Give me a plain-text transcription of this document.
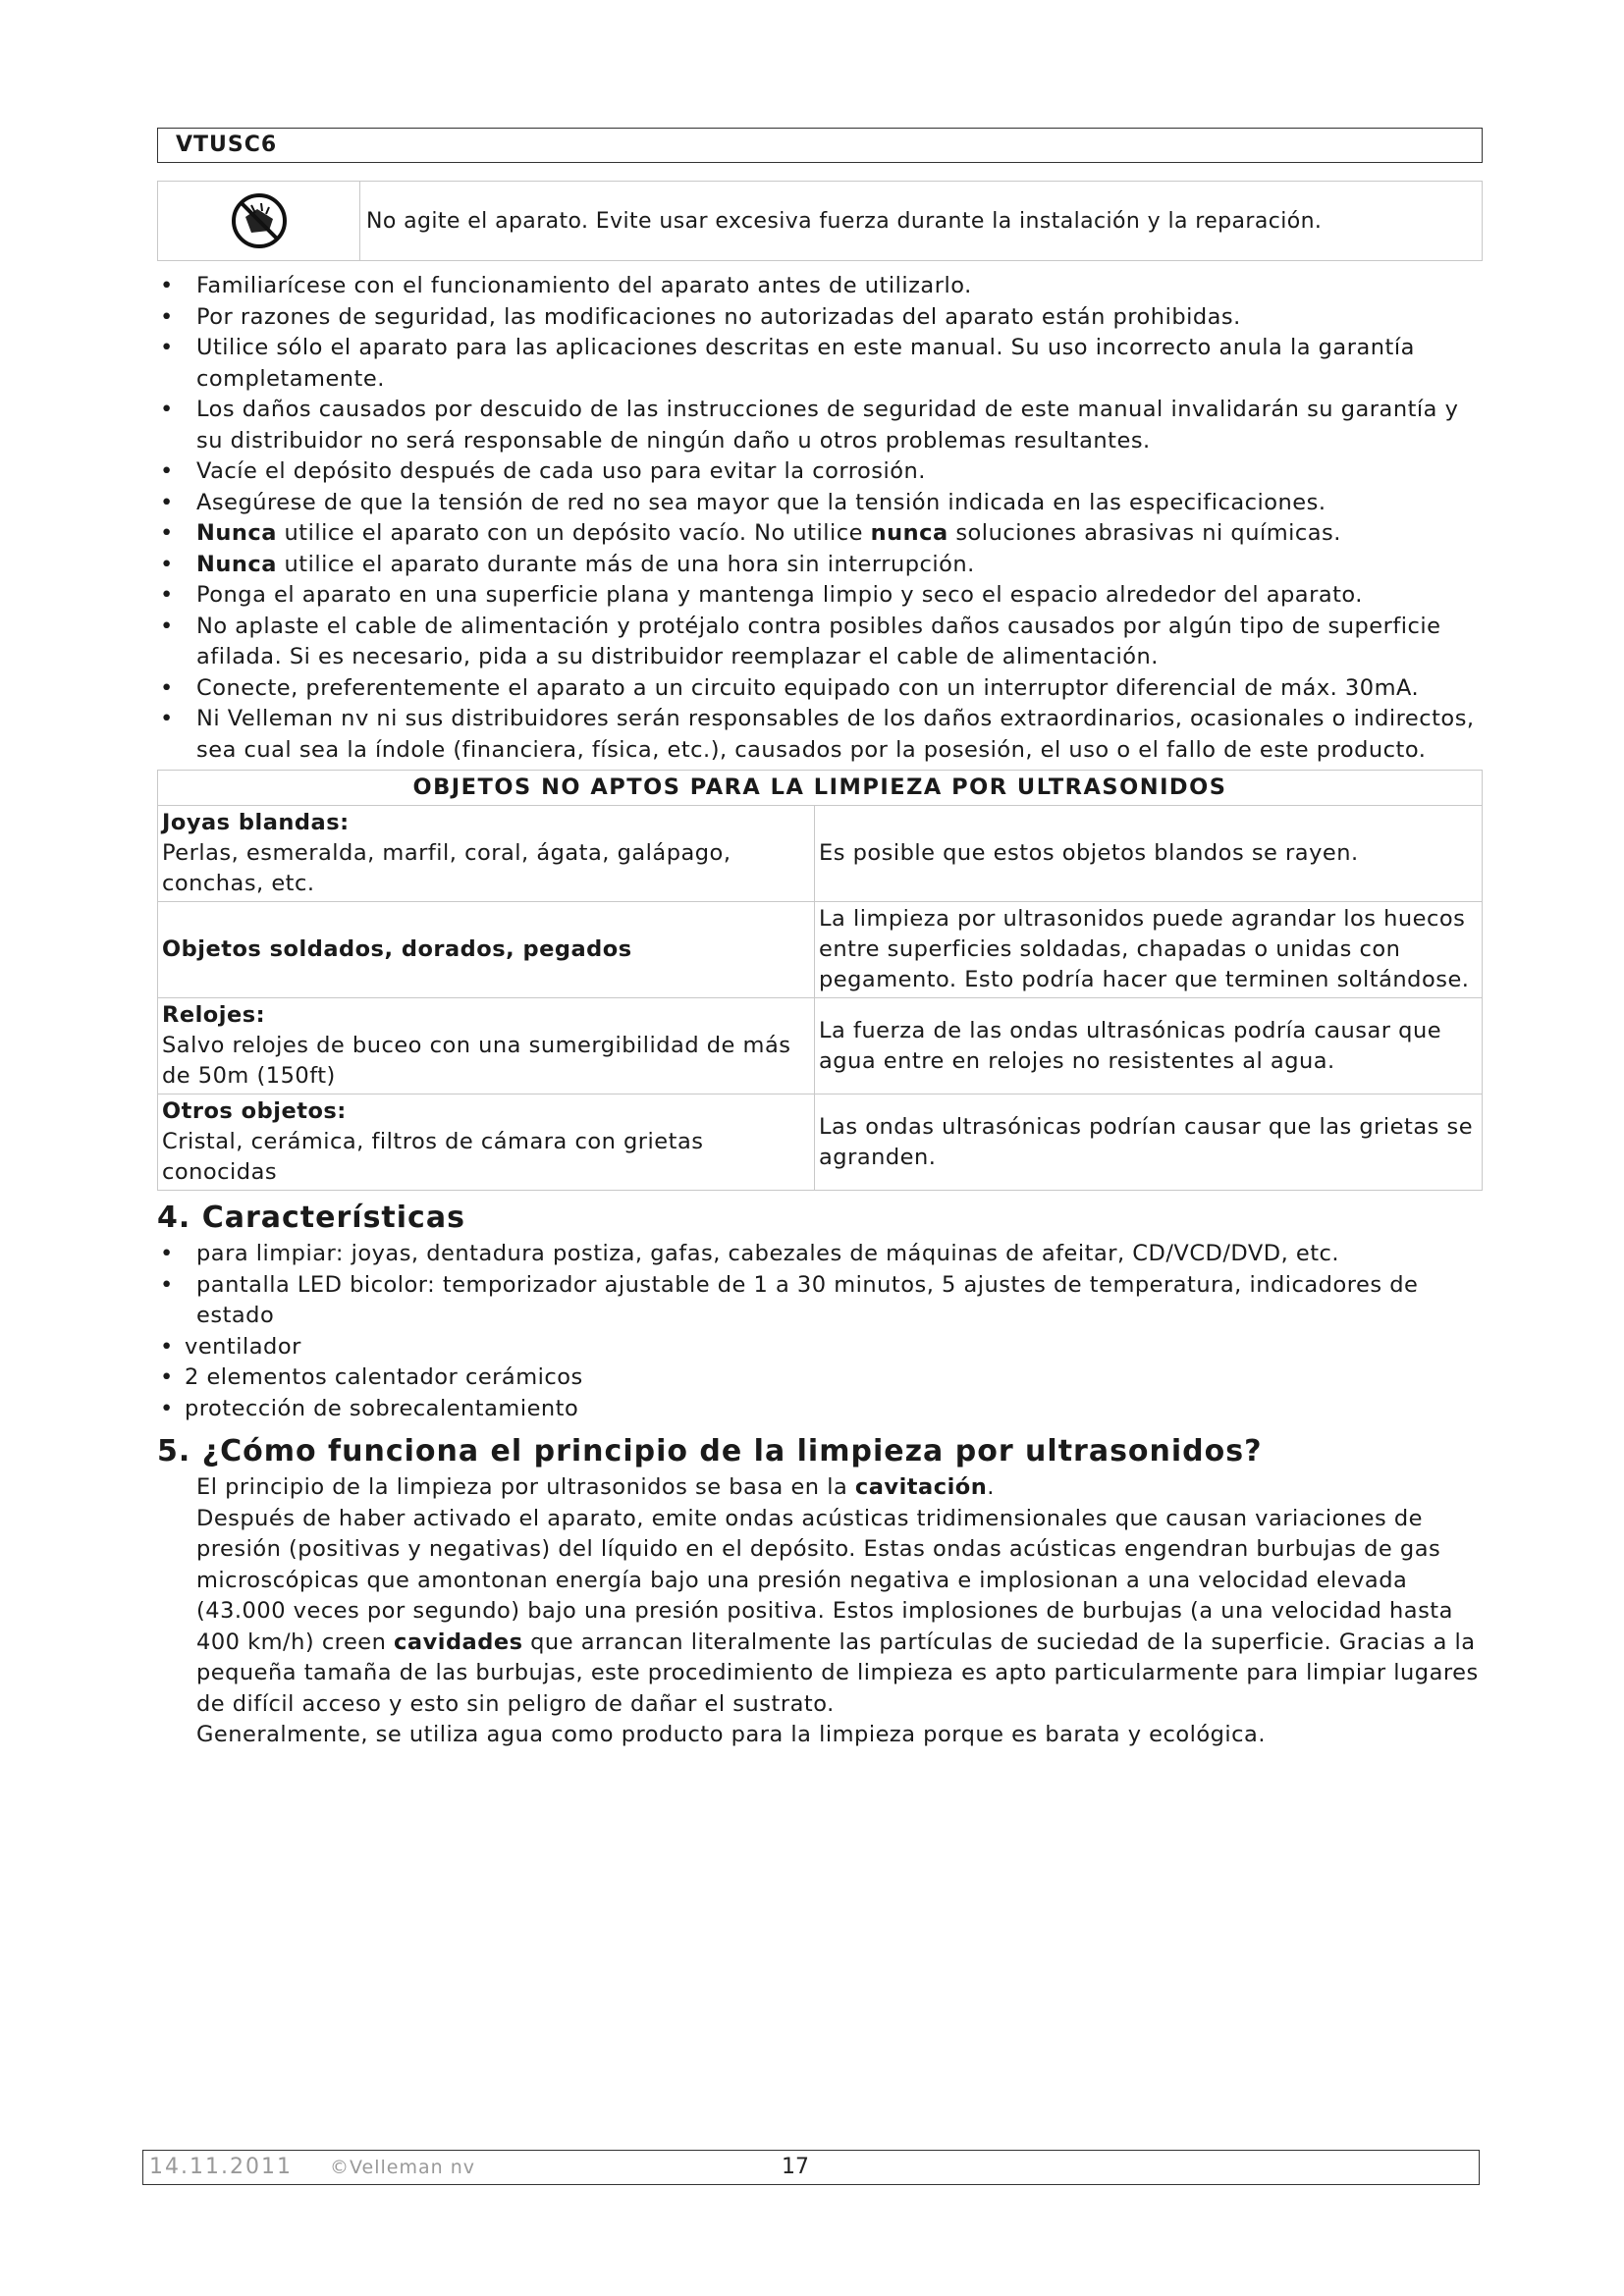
VTUSC6
No agite el aparato. Evite usar excesiva fuerza durante la instalación y la reparación.
• Familiarícese con el funcionamiento del aparato antes de utilizarlo.
• Por razones de seguridad, las modificaciones no autorizadas del aparato están prohibidas.
• Utilice sólo el aparato para las aplicaciones descritas en este manual. Su uso incorrecto anula la garantía completamente.
• Los daños causados por descuido de las instrucciones de seguridad de este manual invalidarán su garantía y su distribuidor no será responsable de ningún daño u otros problemas resultantes.
• Vacíe el depósito después de cada uso para evitar la corrosión.
• Asegúrese de que la tensión de red no sea mayor que la tensión indicada en las especificaciones.
• Nunca utilice el aparato con un depósito vacío. No utilice nunca soluciones abrasivas ni químicas.
• Nunca utilice el aparato durante más de una hora sin interrupción.
• Ponga el aparato en una superficie plana y mantenga limpio y seco el espacio alrededor del aparato.
• No aplaste el cable de alimentación y protéjalo contra posibles daños causados por algún tipo de superficie afilada. Si es necesario, pida a su distribuidor reemplazar el cable de alimentación.
• Conecte, preferentemente el aparato a un circuito equipado con un interruptor diferencial de máx. 30mA.
• Ni Velleman nv ni sus distribuidores serán responsables de los daños extraordinarios, ocasionales o indirectos, sea cual sea la índole (financiera, física, etc.), causados por la posesión, el uso o el fallo de este producto.
OBJETOS NO APTOS PARA LA LIMPIEZA POR ULTRASONIDOS	
Joyas blandas:
Perlas, esmeralda, marfil, coral, ágata, galápago, conchas, etc.	Es posible que estos objetos blandos se rayen.
Objetos soldados, dorados, pegados	La limpieza por ultrasonidos puede agrandar los huecos entre superficies soldadas, chapadas o unidas con pegamento. Esto podría hacer que terminen soltándose.
Relojes:
Salvo relojes de buceo con una sumergibilidad de más de 50m (150ft)	La fuerza de las ondas ultrasónicas podría causar que agua entre en relojes no resistentes al agua.
Otros objetos:
Cristal, cerámica, filtros de cámara con grietas conocidas	Las ondas ultrasónicas podrían causar que las grietas se agranden.
4. Características
• para limpiar: joyas, dentadura postiza, gafas, cabezales de máquinas de afeitar, CD/VCD/DVD, etc.
• pantalla LED bicolor: temporizador ajustable de 1 a 30 minutos, 5 ajustes de temperatura, indicadores de estado
• ventilador
• 2 elementos calentador cerámicos
• protección de sobrecalentamiento
5. ¿Cómo funciona el principio de la limpieza por ultrasonidos?
El principio de la limpieza por ultrasonidos se basa en la cavitación.
Después de haber activado el aparato, emite ondas acústicas tridimensionales que causan variaciones de presión (positivas y negativas) del líquido en el depósito. Estas ondas acústicas engendran burbujas de gas microscópicas que amontonan energía bajo una presión negativa e implosionan a una velocidad elevada (43.000 veces por segundo) bajo una presión positiva. Estos implosiones de burbujas (a una velocidad hasta 400 km/h) creen cavidades que arrancan literalmente las partículas de suciedad de la superficie. Gracias a la pequeña tamaña de las burbujas, este procedimiento de limpieza es apto particularmente para limpiar lugares de difícil acceso y esto sin peligro de dañar el sustrato.
Generalmente, se utiliza agua como producto para la limpieza porque es barata y ecológica.
14.11.2011 ©Velleman nv	17
